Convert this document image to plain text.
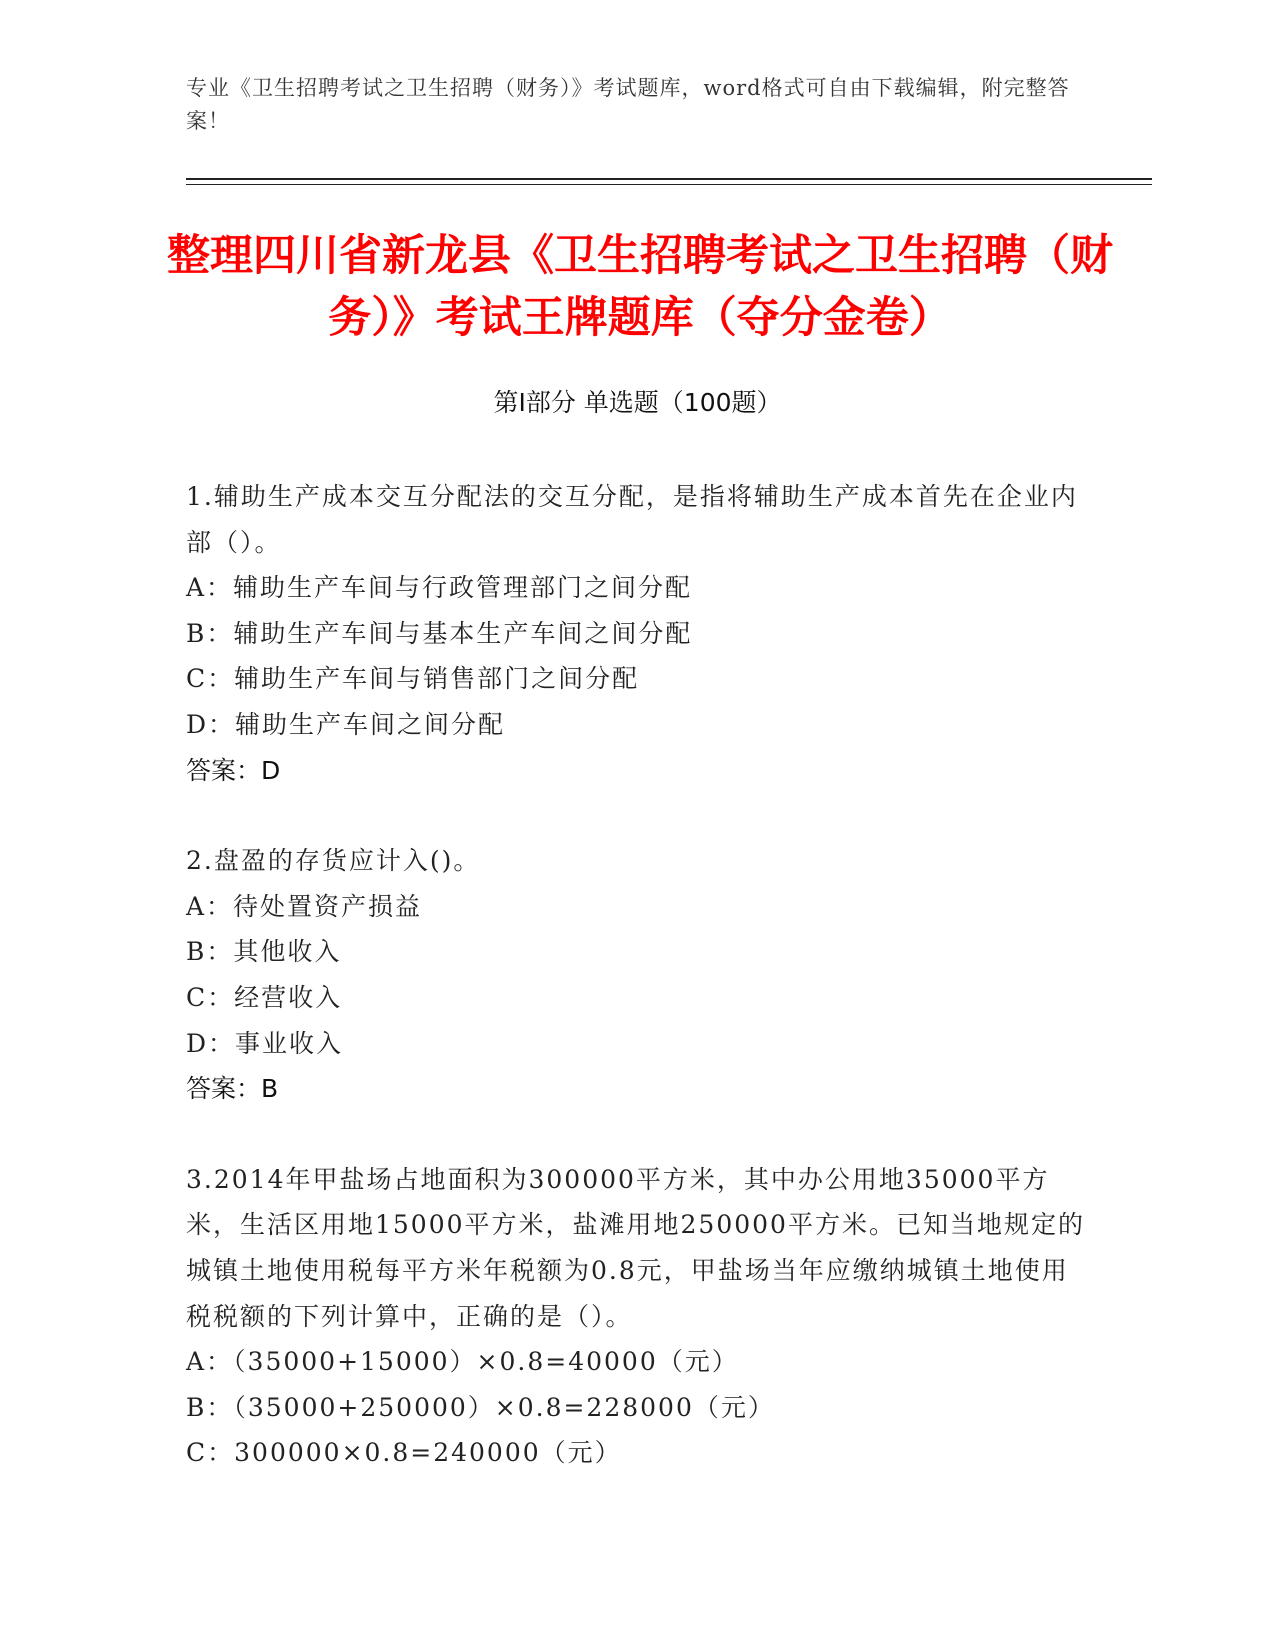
专业《卫生招聘考试之卫生招聘（财务）》考试题库，word格式可自由下载编辑，附完整答案！
整理四川省新龙县《卫生招聘考试之卫生招聘（财务）》考试王牌题库（夺分金卷）
第I部分 单选题（100题）

1.辅助生产成本交互分配法的交互分配，是指将辅助生产成本首先在企业内部（）。

A：辅助生产车间与行政管理部门之间分配

B：辅助生产车间与基本生产车间之间分配

C：辅助生产车间与销售部门之间分配

D：辅助生产车间之间分配

答案：D

2.盘盈的存货应计入()。

A：待处置资产损益

B：其他收入

C：经营收入

D：事业收入

答案：B

3.2014年甲盐场占地面积为300000平方米，其中办公用地35000平方米，生活区用地15000平方米，盐滩用地250000平方米。已知当地规定的城镇土地使用税每平方米年税额为0.8元，甲盐场当年应缴纳城镇土地使用税税额的下列计算中，正确的是（）。

A：（35000+15000）×0.8=40000（元）

B：（35000+250000）×0.8=228000（元）

C：300000×0.8=240000（元）
